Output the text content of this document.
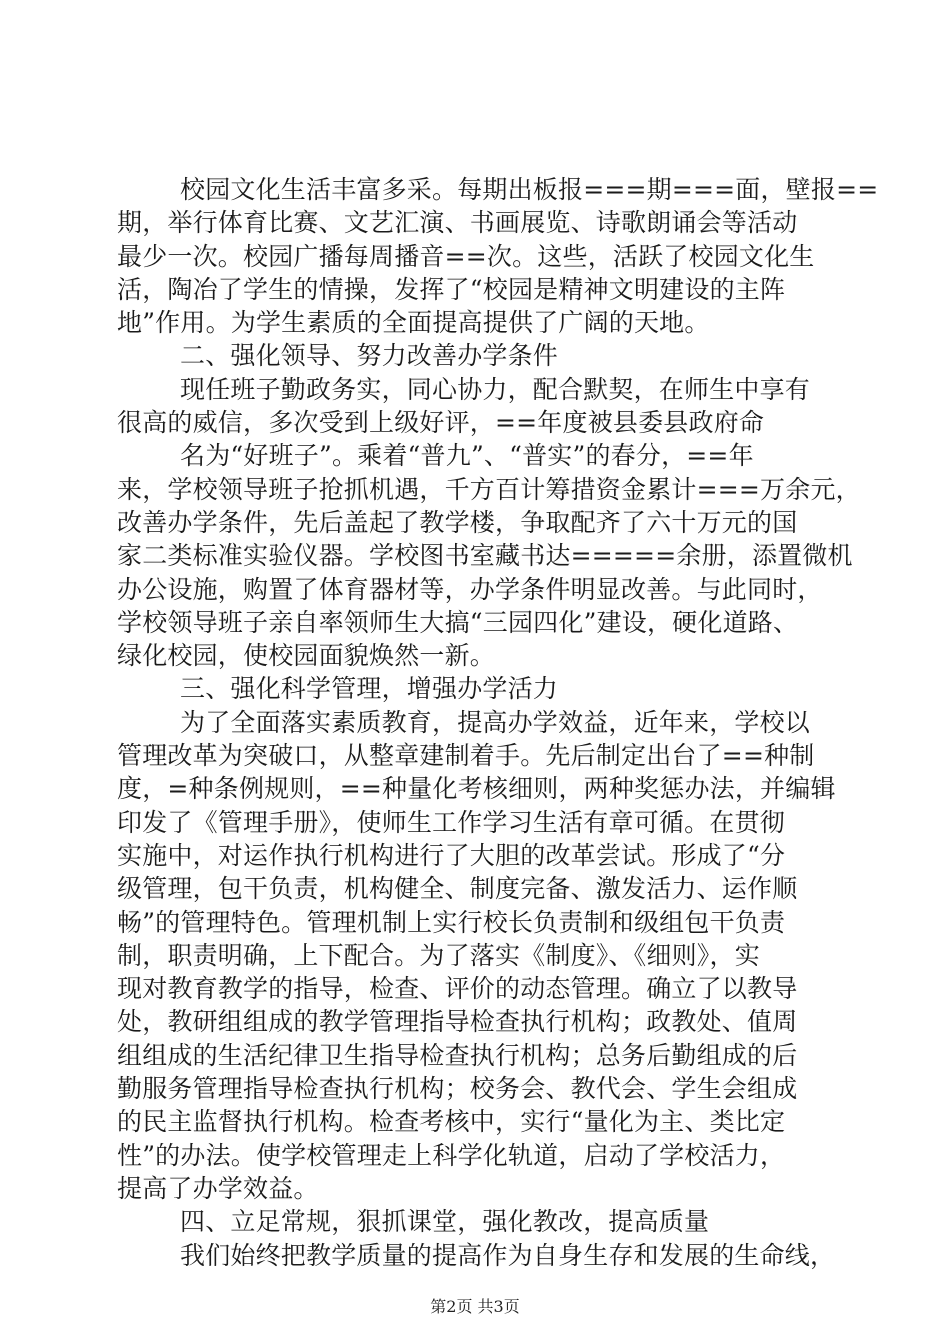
校园文化生活丰富多采。每期出板报===期===面，壁报==
期，举行体育比赛、文艺汇演、书画展览、诗歌朗诵会等活动
最少一次。校园广播每周播音==次。这些，活跃了校园文化生
活，陶冶了学生的情操，发挥了“校园是精神文明建设的主阵
地”作用。为学生素质的全面提高提供了广阔的天地。
二、强化领导、努力改善办学条件
现任班子勤政务实，同心协力，配合默契，在师生中享有
很高的威信，多次受到上级好评，==年度被县委县政府命
名为“好班子”。乘着“普九”、“普实”的春分，==年
来，学校领导班子抢抓机遇，千方百计筹措资金累计===万余元，
改善办学条件，先后盖起了教学楼，争取配齐了六十万元的国
家二类标准实验仪器。学校图书室藏书达=====余册，添置微机
办公设施，购置了体育器材等，办学条件明显改善。与此同时，
学校领导班子亲自率领师生大搞“三园四化”建设，硬化道路、
绿化校园，使校园面貌焕然一新。
三、强化科学管理，增强办学活力
为了全面落实素质教育，提高办学效益，近年来，学校以
管理改革为突破口，从整章建制着手。先后制定出台了==种制
度，=种条例规则，==种量化考核细则，两种奖惩办法，并编辑
印发了《管理手册》，使师生工作学习生活有章可循。在贯彻
实施中，对运作执行机构进行了大胆的改革尝试。形成了“分
级管理，包干负责，机构健全、制度完备、激发活力、运作顺
畅”的管理特色。管理机制上实行校长负责制和级组包干负责
制，职责明确，上下配合。为了落实《制度》、《细则》，实
现对教育教学的指导，检查、评价的动态管理。确立了以教导
处，教研组组成的教学管理指导检查执行机构；政教处、值周
组组成的生活纪律卫生指导检查执行机构；总务后勤组成的后
勤服务管理指导检查执行机构；校务会、教代会、学生会组成
的民主监督执行机构。检查考核中，实行“量化为主、类比定
性”的办法。使学校管理走上科学化轨道，启动了学校活力，
提高了办学效益。
四、立足常规，狠抓课堂，强化教改，提高质量
我们始终把教学质量的提高作为自身生存和发展的生命线，
第2页 共3页
